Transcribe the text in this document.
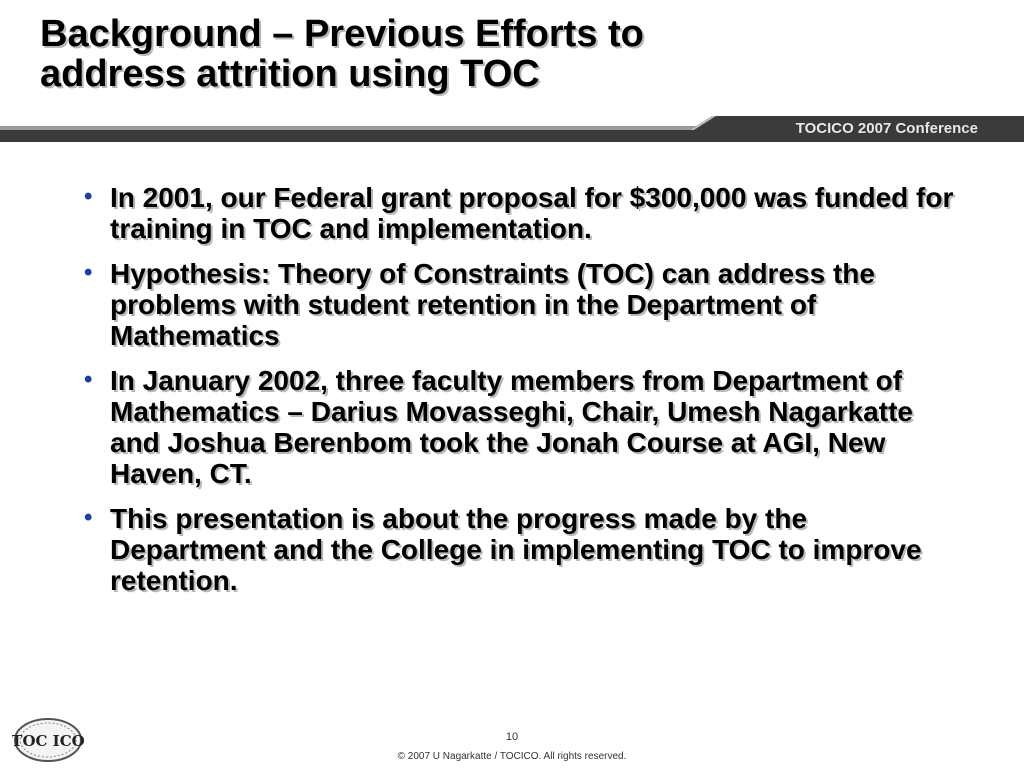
Background – Previous Efforts to
address attrition using TOC
TOCICO 2007 Conference
• In 2001, our Federal grant proposal for $300,000 was funded for training in TOC and implementation.
• Hypothesis: Theory of Constraints (TOC) can address the problems with student retention in the Department of Mathematics
• In January 2002, three faculty members from Department of Mathematics – Darius Movasseghi, Chair, Umesh Nagarkatte and Joshua Berenbom took the Jonah Course at AGI, New Haven, CT.
• This presentation is about the progress made by the Department and the College in implementing TOC to improve retention.
TOC ICO	10
© 2007 U Nagarkatte / TOCICO. All rights reserved.
